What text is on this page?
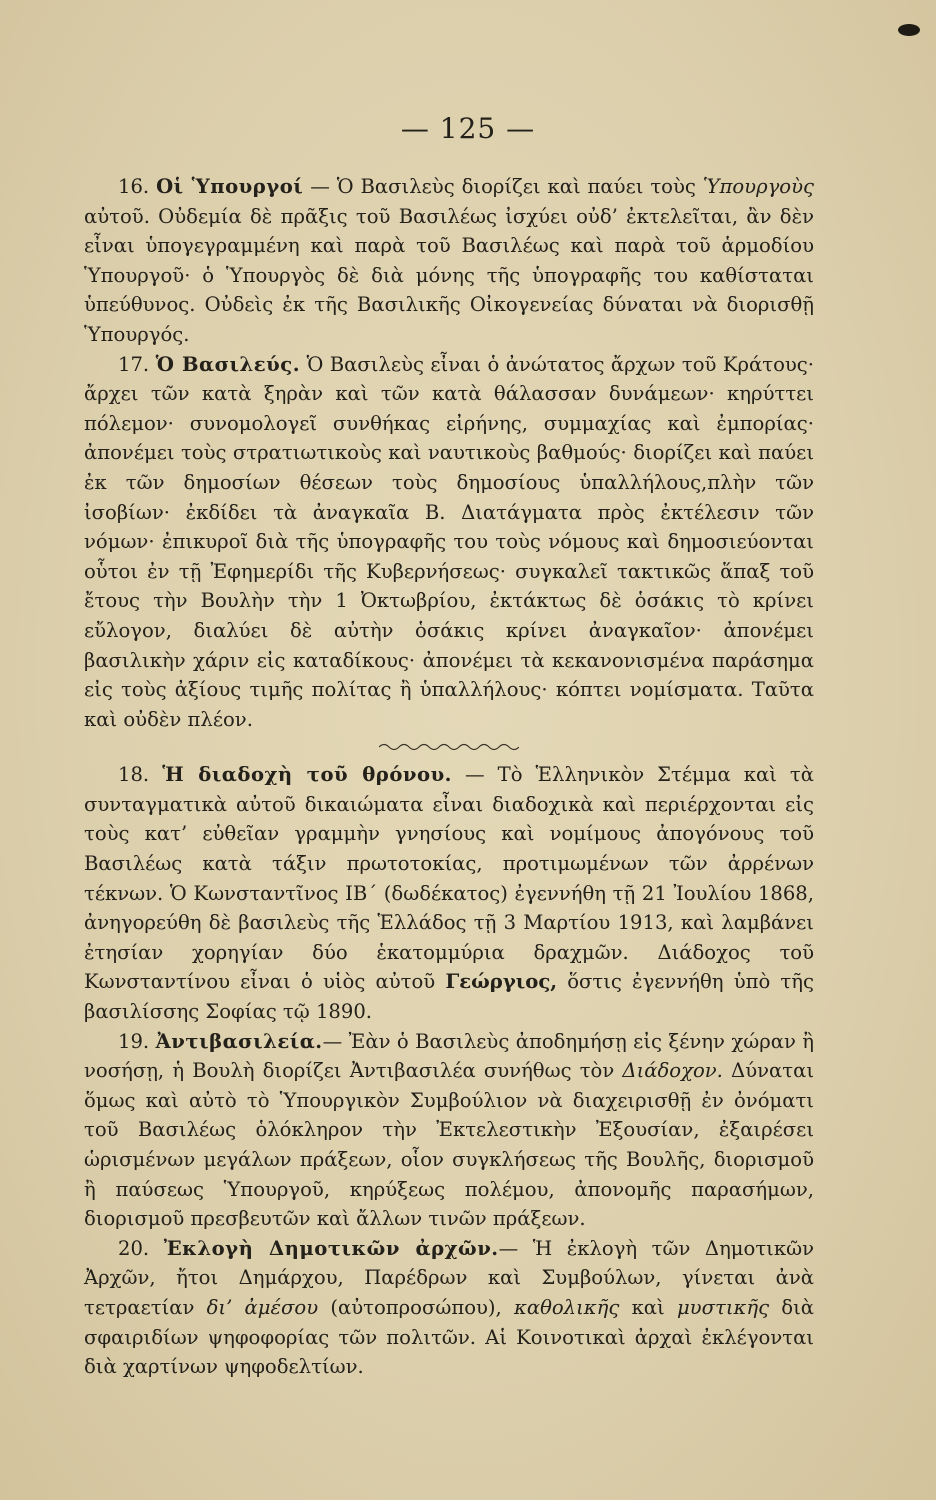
— 125 —

16. Οἱ Ὑπουργοί — Ὁ Βασιλεὺς διορίζει καὶ παύει τοὺς Ὑπουργοὺς αὐτοῦ. Οὐδεμία δὲ πρᾶξις τοῦ Βασιλέως ἰσχύει οὐδ’ ἐκτελεῖται, ἂν δὲν εἶναι ὑπογεγραμμένη καὶ παρὰ τοῦ Βασιλέως καὶ παρὰ τοῦ ἁρμοδίου Ὑπουργοῦ· ὁ Ὑπουργὸς δὲ διὰ μόνης τῆς ὑπογραφῆς του καθίσταται ὑπεύθυνος. Οὐδεὶς ἐκ τῆς Βασιλικῆς Οἰκογενείας δύναται νὰ διορισθῇ Ὑπουργός.

17. Ὁ Βασιλεύς. Ὁ Βασιλεὺς εἶναι ὁ ἀνώτατος ἄρχων τοῦ Κράτους· ἄρχει τῶν κατὰ ξηρὰν καὶ τῶν κατὰ θάλασσαν δυνάμεων· κηρύττει πόλεμον· συνομολογεῖ συνθήκας εἰρήνης, συμμαχίας καὶ ἐμπορίας· ἀπονέμει τοὺς στρατιωτικοὺς καὶ ναυτικοὺς βαθμούς· διορίζει καὶ παύει ἐκ τῶν δημοσίων θέσεων τοὺς δημοσίους ὑπαλλήλους,πλὴν τῶν ἰσοβίων· ἐκδίδει τὰ ἀναγκαῖα Β. Διατάγματα πρὸς ἐκτέλεσιν τῶν νόμων· ἐπικυροῖ διὰ τῆς ὑπογραφῆς του τοὺς νόμους καὶ δημοσιεύονται οὗτοι ἐν τῇ Ἐφημερίδι τῆς Κυβερνήσεως· συγκαλεῖ τακτικῶς ἅπαξ τοῦ ἔτους τὴν Βουλὴν τὴν 1 Ὀκτωβρίου, ἐκτάκτως δὲ ὁσάκις τὸ κρίνει εὔλογον, διαλύει δὲ αὐτὴν ὁσάκις κρίνει ἀναγκαῖον· ἀπονέμει βασιλικὴν χάριν εἰς καταδίκους· ἀπονέμει τὰ κεκανονισμένα παράσημα εἰς τοὺς ἀξίους τιμῆς πολίτας ἢ ὑπαλλήλους· κόπτει νομίσματα. Ταῦτα καὶ οὐδὲν πλέον.

18. Ἡ διαδοχὴ τοῦ θρόνου. — Τὸ Ἑλληνικὸν Στέμμα καὶ τὰ συνταγματικὰ αὐτοῦ δικαιώματα εἶναι διαδοχικὰ καὶ περιέρχονται εἰς τοὺς κατ’ εὐθεῖαν γραμμὴν γνησίους καὶ νομίμους ἀπογόνους τοῦ Βασιλέως κατὰ τάξιν πρωτοτοκίας, προτιμωμένων τῶν ἀρρένων τέκνων. Ὁ Κωνσταντῖνος ΙΒ´ (δωδέκατος) ἐγεννήθη τῇ 21 Ἰουλίου 1868, ἀνηγορεύθη δὲ βασιλεὺς τῆς Ἑλλάδος τῇ 3 Μαρτίου 1913, καὶ λαμβάνει ἐτησίαν χορηγίαν δύο ἑκατομμύρια δραχμῶν. Διάδοχος τοῦ Κωνσταντίνου εἶναι ὁ υἱὸς αὐτοῦ Γεώργιος, ὅστις ἐγεννήθη ὑπὸ τῆς βασιλίσσης Σοφίας τῷ 1890.

19. Ἀντιβασιλεία.— Ἐὰν ὁ Βασιλεὺς ἀποδημήσῃ εἰς ξένην χώραν ἢ νοσήσῃ, ἡ Βουλὴ διορίζει Ἀντιβασιλέα συνήθως τὸν Διάδοχον. Δύναται ὅμως καὶ αὐτὸ τὸ Ὑπουργικὸν Συμβούλιον νὰ διαχειρισθῇ ἐν ὀνόματι τοῦ Βασιλέως ὁλόκληρον τὴν Ἐκτελεστικὴν Ἐξουσίαν, ἐξαιρέσει ὡρισμένων μεγάλων πράξεων, οἷον συγκλήσεως τῆς Βουλῆς, διορισμοῦ ἢ παύσεως Ὑπουργοῦ, κηρύξεως πολέμου, ἀπονομῆς παρασήμων, διορισμοῦ πρεσβευτῶν καὶ ἄλλων τινῶν πράξεων.

20. Ἐκλογὴ Δημοτικῶν ἀρχῶν.— Ἡ ἐκλογὴ τῶν Δημοτικῶν Ἀρχῶν, ἤτοι Δημάρχου, Παρέδρων καὶ Συμβούλων, γίνεται ἀνὰ τετραετίαν δι’ ἀμέσου (αὐτοπροσώπου), καθολικῆς καὶ μυστικῆς διὰ σφαιριδίων ψηφοφορίας τῶν πολιτῶν. Αἱ Κοινοτικαὶ ἀρχαὶ ἐκλέγονται διὰ χαρτίνων ψηφοδελτίων.
